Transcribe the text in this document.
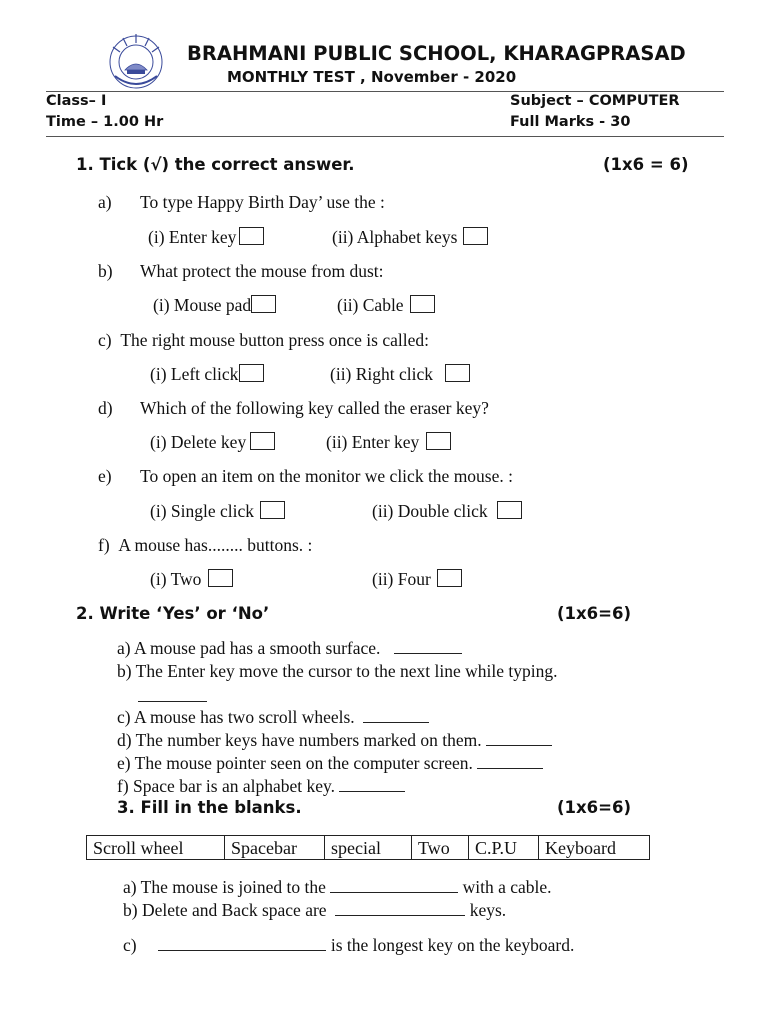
BRAHMANI PUBLIC SCHOOL, KHARAGPRASAD
MONTHLY TEST , November - 2020
Class– I
Time – 1.00 Hr
Subject – COMPUTER
Full Marks - 30
1. Tick (√) the correct answer.	(1x6 = 6)
a) To type Happy Birth Day’ use the :
(i) Enter key	(ii) Alphabet keys
b) What protect the mouse from dust:
(i) Mouse pad	(ii) Cable
c) The right mouse button press once is called:
(i) Left click	(ii) Right click
d) Which of the following key called the eraser key?
(i) Delete key	(ii) Enter key
e) To open an item on the monitor we click the mouse. :
(i) Single click	(ii) Double click
f) A mouse has........ buttons. :
(i) Two	(ii) Four
2. Write ‘Yes’ or ‘No’	(1x6=6)
a) A mouse pad has a smooth surface.
b) The Enter key move the cursor to the next line while typing.
c) A mouse has two scroll wheels.
d) The number keys have numbers marked on them.
e) The mouse pointer seen on the computer screen.
f) Space bar is an alphabet key.
3. Fill in the blanks.	(1x6=6)
Scroll wheel	Spacebar	special	Two	C.P.U	Keyboard
a) The mouse is joined to the	with a cable.
b) Delete and Back space are	keys.
c)	is the longest key on the keyboard.
